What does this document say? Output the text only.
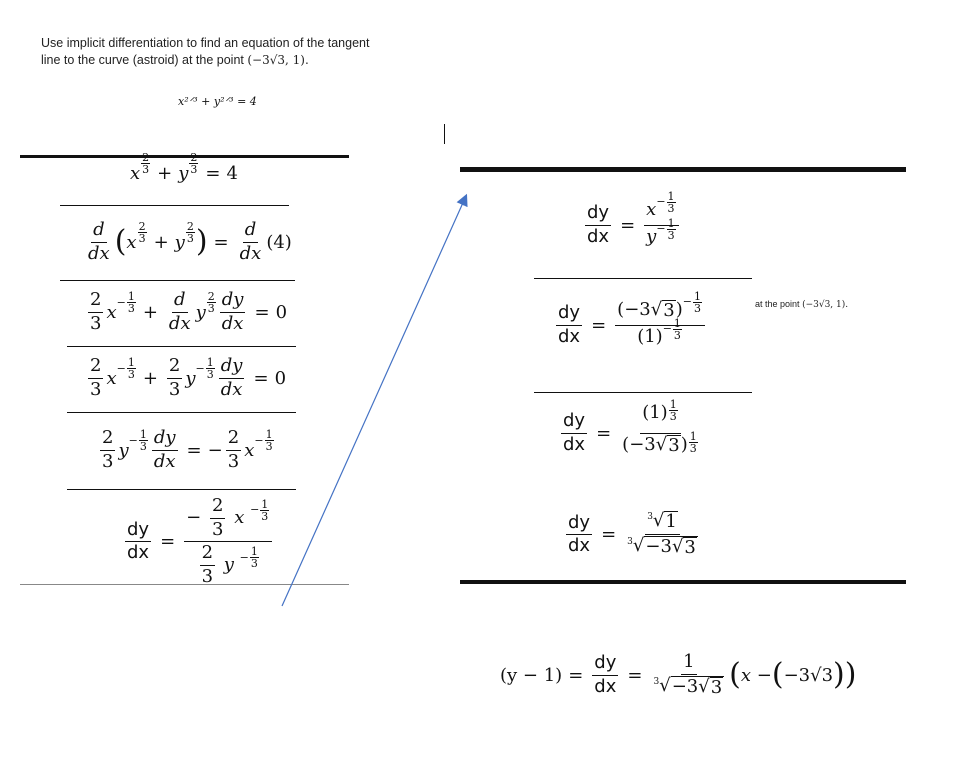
Use implicit differentiation to find an equation of the tangent
line to the curve (astroid) at the point (−3√3, 1).
x²ᐟ³ + y²ᐟ³ = 4
x $\frac{2}{3} + y \frac{2}{3} = 4$
$\frac{d}{dx}$ ( x $\frac{2}{3} + y \frac{2}{3}$ ) = $\frac{d}{dx} (4)$
$\frac{2}{3}$ $x - \frac{1}{3} + \frac{d}{dx}$ y $\frac{2}{3} \frac{dy}{dx} = 0$
$\frac{2}{3}$ $x - \frac{1}{3} + \frac{2}{3}$ $y - \frac{1}{3} \frac{dy}{dx} = 0$
$\frac{2}{3}$ $y - \frac{1}{3} \frac{dy}{dx}$ = − $\frac{2}{3}$ $x - \frac{1}{3}$
$\frac{dy}{dx} = \frac{- \frac{2}{3} x - \frac{1}{3}}{\frac{2}{3} y - \frac{1}{3}}$
$\frac{dy}{dx} = \frac{x - \frac{1}{3}}{y - \frac{1}{3}}$
$\frac{dy}{dx} = \frac{(-3 √ 3 ) - \frac{1}{3}}{(1) - \frac{1}{3}}$	at the point (−3√3, 1).
$\frac{dy}{dx} = \frac{(1) \frac{1}{3}}{(-3 √ 3 ) \frac{1}{3}}$
$\frac{dy}{dx} = \frac{^3√ 1}{^3√ -3 √ 3}$
$(y - 1) = \frac{dy}{dx} = \frac{1}{^3√ -3 √ 3}$ ( x − ( −3√3 ) )
